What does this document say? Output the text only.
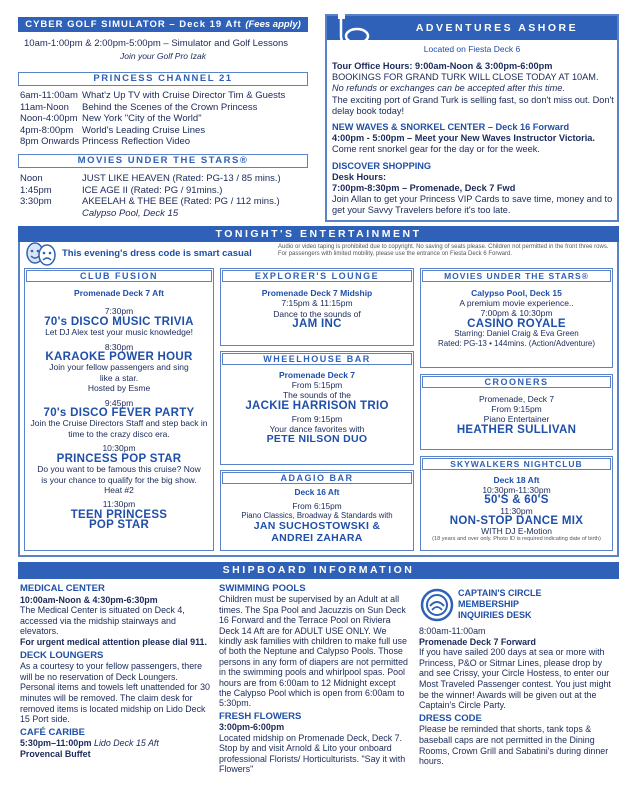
CYBER GOLF SIMULATOR – Deck 19 Aft (Fees apply)
10am-1:00pm & 2:00pm-5:00pm – Simulator and Golf Lessons
Join your Golf Pro Izak
PRINCESS CHANNEL 21
6am-11:00am What'z Up TV with Cruise Director Tim & Guests
11am-Noon	Behind the Scenes of the Crown Princess
Noon-4:00pm New York "City of the World"
4pm-8:00pm World's Leading Cruise Lines
8pm Onwards Princess Reflection Video
MOVIES UNDER THE STARS®
Noon	JUST LIKE HEAVEN (Rated: PG-13 / 85 mins.)
1:45pm	ICE AGE II (Rated: PG / 91mins.)
3:30pm	AKEELAH & THE BEE (Rated: PG / 112 mins.)
Calypso Pool, Deck 15
ADVENTURES ASHORE
Located on Fiesta Deck 6

Tour Office Hours: 9:00am-Noon & 3:00pm-6:00pm

BOOKINGS FOR GRAND TURK WILL CLOSE TODAY AT 10AM.

No refunds or exchanges can be accepted after this time.

The exciting port of Grand Turk is selling fast, so don't miss out. Don't delay book today!

NEW WAVES & SNORKEL CENTER – Deck 16 Forward

4:00pm - 5:00pm – Meet your New Waves Instructor Victoria.

Come rent snorkel gear for the day or for the week.

DISCOVER SHOPPING

Desk Hours:

7:00pm-8:30pm – Promenade, Deck 7 Fwd

Join Allan to get your Princess VIP Cards to save time, money and to get your Savvy Travelers before it's too late.

TONIGHT'S ENTERTAINMENT
This evening's dress code is smart casual
Audio or video taping is prohibited due to copyright. No saving of seats please. Children not permitted in the front three rows. For passengers with limited mobility, please use the entrance on Fiesta Deck 6 Forward.
CLUB FUSION

Promenade Deck 7 Aft

7:30pm

70's DISCO MUSIC TRIVIA

Let DJ Alex test your music knowledge!

8:30pm

KARAOKE POWER HOUR

Join your fellow passengers and sing like a star.

Hosted by Esme

9:45pm

70's DISCO FEVER PARTY

Join the Cruise Directors Staff and step back in time to the crazy disco era.

10:30pm

PRINCESS POP STAR

Do you want to be famous this cruise? Now is your chance to qualify for the big show. Heat #2

11:30pm

TEEN PRINCESS POP STAR

EXPLORER'S LOUNGE

Promenade Deck 7 Midship

7:15pm & 11:15pm

Dance to the sounds of

JAM INC

WHEELHOUSE BAR

Promenade Deck 7

From 5:15pm

The sounds of the

JACKIE HARRISON TRIO

From 9:15pm

Your dance favorites with

PETE NILSON DUO

ADAGIO BAR

Deck 16 Aft

From 6:15pm

Piano Classics, Broadway & Standards with

JAN SUCHOSTOWSKI & ANDREI ZAHARA

MOVIES UNDER THE STARS®

Calypso Pool, Deck 15

A premium movie experience..

7:00pm & 10:30pm

CASINO ROYALE

Starring: Daniel Craig & Eva Green

Rated: PG-13 • 144mins. (Action/Adventure)

CROONERS

Promenade, Deck 7

From 9:15pm

Piano Entertainer

HEATHER SULLIVAN

SKYWALKERS NIGHTCLUB

Deck 18 Aft

10:30pm-11:30pm

50'S & 60'S

11:30pm

NON-STOP DANCE MIX

WITH DJ E-Motion

(18 years and over only. Photo ID is required indicating date of birth)

SHIPBOARD INFORMATION

MEDICAL CENTER

10:00am-Noon & 4:30pm-6:30pm

The Medical Center is situated on Deck 4, accessed via the midship stairways and elevators.

For urgent medical attention please dial 911.

DECK LOUNGERS

As a courtesy to your fellow passengers, there will be no reservation of Deck Loungers. Personal items and towels left unattended for 30 minutes will be removed. The claim desk for removed items is located midship on Lido Deck 15 Port side.

CAFÉ CARIBE

5:30pm–11:00pm Lido Deck 15 Aft

Provencal Buffet

SWIMMING POOLS

Children must be supervised by an Adult at all times. The Spa Pool and Jacuzzis on Sun Deck 16 Forward and the Terrace Pool on Riviera Deck 14 Aft are for ADULT USE ONLY. We kindly ask families with children to make full use of both the Neptune and Calypso Pools. Those persons in any form of diapers are not permitted in the swimming pools and whirlpool spas. Pool hours are from 6:00am to 12 Midnight except the Calypso Pool which is open from 6:00am to 5:30pm.

FRESH FLOWERS

3:00pm-6:00pm

Located midship on Promenade Deck, Deck 7. Stop by and visit Arnold & Lito your onboard professional Florists/ Horticulturists. "Say it with Flowers"

CAPTAIN'S CIRCLE MEMBERSHIP INQUIRIES DESK

8:00am-11:00am

Promenade Deck 7 Forward

If you have sailed 200 days at sea or more with Princess, P&O or Sitmar Lines, please drop by and see Crissy, your Circle Hostess, to enter our Most Traveled Passenger contest. You just might be the winner! Awards will be given out at the Captain's Circle Party.

DRESS CODE

Please be reminded that shorts, tank tops & baseball caps are not permitted in the Dining Rooms, Crown Grill and Sabatini's during dinner hours.
